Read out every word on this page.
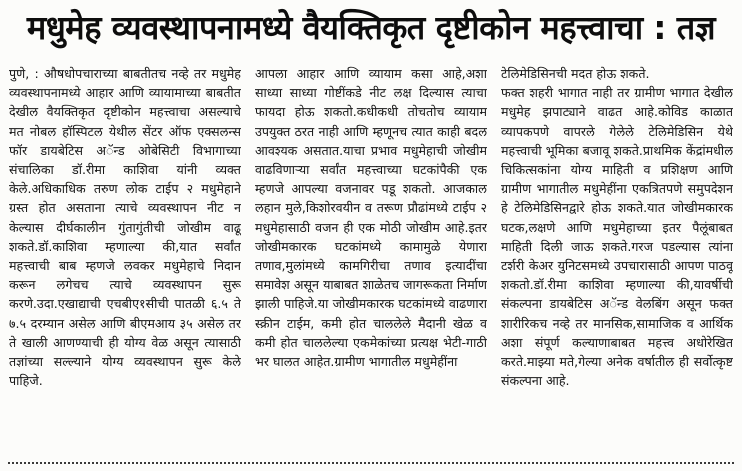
मधुमेह व्यवस्थापनामध्ये वैयक्तिकृत दृष्टीकोन महत्त्वाचा : तज्ञ

पुणे, : औषधोपचाराच्या बाबतीतच नव्हे तर मधुमेह व्यवस्थापनामध्ये आहार आणि व्यायामाच्या बाबतीत देखील वैयक्तिकृत दृष्टीकोन महत्त्वाचा असल्याचे मत नोबल हॉस्पिटल येथील सेंटर ऑफ एक्सलन्स फॉर डायबेटिस अॅन्ड ओबेसिटी विभागाच्या संचालिका डॉ.रीमा काशिवा यांनी व्यक्त केले.अधिकाधिक तरुण लोक टाईप २ मधुमेहाने ग्रस्त होत असताना त्याचे व्यवस्थापन नीट न केल्यास दीर्घकालीन गुंतागुंतीची जोखीम वाढू शकते.डॉ.काशिवा म्हणाल्या की,यात सर्वांत महत्त्वाची बाब म्हणजे लवकर मधुमेहाचे निदान करून लगेचच त्याचे व्यवस्थापन सुरू करणे.उदा.एखाद्याची एचबीए१सीची पातळी ६.५ ते ७.५ दरम्यान असेल आणि बीएमआय ३५ असेल तर ते खाली आणण्याची ही योग्य वेळ असून त्यासाठी तज्ञांच्या सल्ल्याने योग्य व्यवस्थापन सुरू केले पाहिजे.

आपला आहार आणि व्यायाम कसा आहे,अशा साध्या साध्या गोष्टींकडे नीट लक्ष दिल्यास त्याचा फायदा होऊ शकतो.कधीकधी तोचतोच व्यायाम उपयुक्त ठरत नाही आणि म्हणूनच त्यात काही बदल आवश्यक असतात.याचा प्रभाव मधुमेहाची जोखीम वाढविणाऱ्या सर्वांत महत्त्वाच्या घटकांपैकी एक म्हणजे आपल्या वजनावर पडू शकतो. आजकाल लहान मुले,किशोरवयीन व तरूण प्रौढांमध्ये टाईप २ मधुमेहासाठी वजन ही एक मोठी जोखीम आहे.इतर जोखीमकारक घटकांमध्ये कामामुळे येणारा तणाव,मुलांमध्ये कामगिरीचा तणाव इत्यादींचा समावेश असून याबाबत शाळेतच जागरूकता निर्माण झाली पाहिजे.या जोखीमकारक घटकांमध्ये वाढणारा स्क्रीन टाईम, कमी होत चाललेले मैदानी खेळ व कमी होत चाललेल्या एकमेकांच्या प्रत्यक्ष भेटी-गाठी भर घालत आहेत.ग्रामीण भागातील मधुमेहींना

टेलिमेडिसिनची मदत होऊ शकते.

फक्त शहरी भागात नाही तर ग्रामीण भागात देखील मधुमेह झपाट्याने वाढत आहे.कोविड काळात व्यापकपणे वापरले गेलेले टेलिमेडिसिन येथे महत्त्वाची भूमिका बजावू शकते.प्राथमिक केंद्रांमधील चिकित्सकांना योग्य माहिती व प्रशिक्षण आणि ग्रामीण भागातील मधुमेहींना एकत्रितपणे समुपदेशन हे टेलिमेडिसिनद्वारे होऊ शकते.यात जोखीमकारक घटक,लक्षणे आणि मधुमेहाच्या इतर पैलूंबाबत माहिती दिली जाऊ शकते.गरज पडल्यास त्यांना टर्शरी केअर युनिटसमध्ये उपचारासाठी आपण पाठवू शकतो.डॉ.रीमा काशिवा म्हणाल्या की,यावर्षीची संकल्पना डायबेटिस अॅन्ड वेलबिंग असून फक्त शारीरिकच नव्हे तर मानसिक,सामाजिक व आर्थिक अशा संपूर्ण कल्याणाबाबत महत्त्व अधोरेखित करते.माझ्या मते,गेल्या अनेक वर्षातील ही सर्वोत्कृष्ट संकल्पना आहे.
